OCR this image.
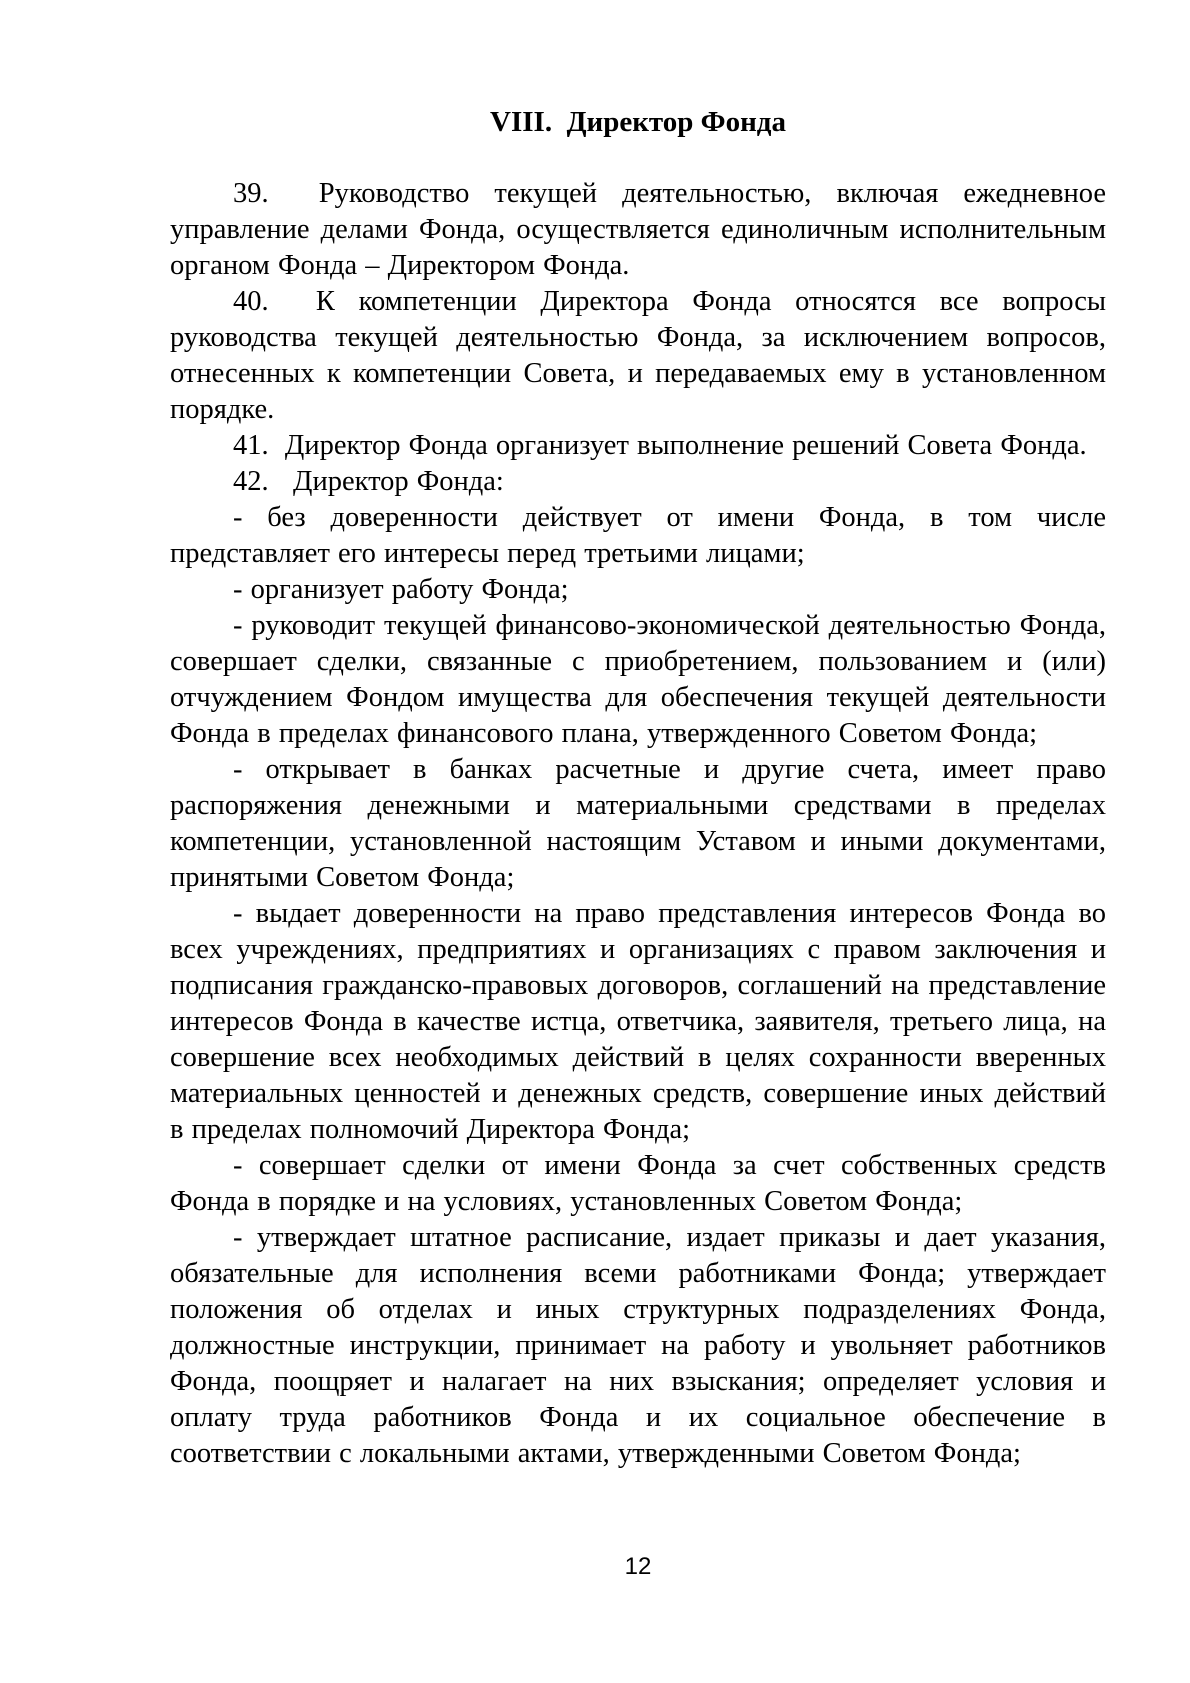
VIII.  Директор Фонда

39.  Руководство текущей деятельностью, включая ежедневное управление делами Фонда, осуществляется единоличным исполнительным органом Фонда – Директором Фонда.

40.  К компетенции Директора Фонда относятся все вопросы руководства текущей деятельностью Фонда, за исключением вопросов, отнесенных к компетенции Совета, и передаваемых ему в установленном порядке.

41.  Директор Фонда организует выполнение решений Совета Фонда.

42.   Директор Фонда:

- без доверенности действует от имени Фонда, в том числе представляет его интересы перед третьими лицами;

- организует работу Фонда;

- руководит текущей финансово-экономической деятельностью Фонда, совершает сделки, связанные с приобретением, пользованием и (или) отчуждением Фондом имущества для обеспечения текущей деятельности Фонда в пределах финансового плана, утвержденного Советом Фонда;

- открывает в банках расчетные и другие счета, имеет право распоряжения денежными и материальными средствами в пределах компетенции, установленной настоящим Уставом и иными документами, принятыми Советом Фонда;

- выдает доверенности на право представления интересов Фонда во всех учреждениях, предприятиях и организациях с правом заключения и подписания гражданско-правовых договоров, соглашений на представление интересов Фонда в качестве истца, ответчика, заявителя, третьего лица, на совершение всех необходимых действий в целях сохранности вверенных материальных ценностей и денежных средств, совершение иных действий в пределах полномочий Директора Фонда;

- совершает сделки от имени Фонда за счет собственных средств Фонда в порядке и на условиях, установленных Советом Фонда;

- утверждает штатное расписание, издает приказы и дает указания, обязательные для исполнения всеми работниками Фонда; утверждает положения об отделах и иных структурных подразделениях Фонда, должностные инструкции, принимает на работу и увольняет работников Фонда, поощряет и налагает на них взыскания; определяет условия и оплату труда работников Фонда и их социальное обеспечение в соответствии с локальными актами, утвержденными Советом Фонда;

12
